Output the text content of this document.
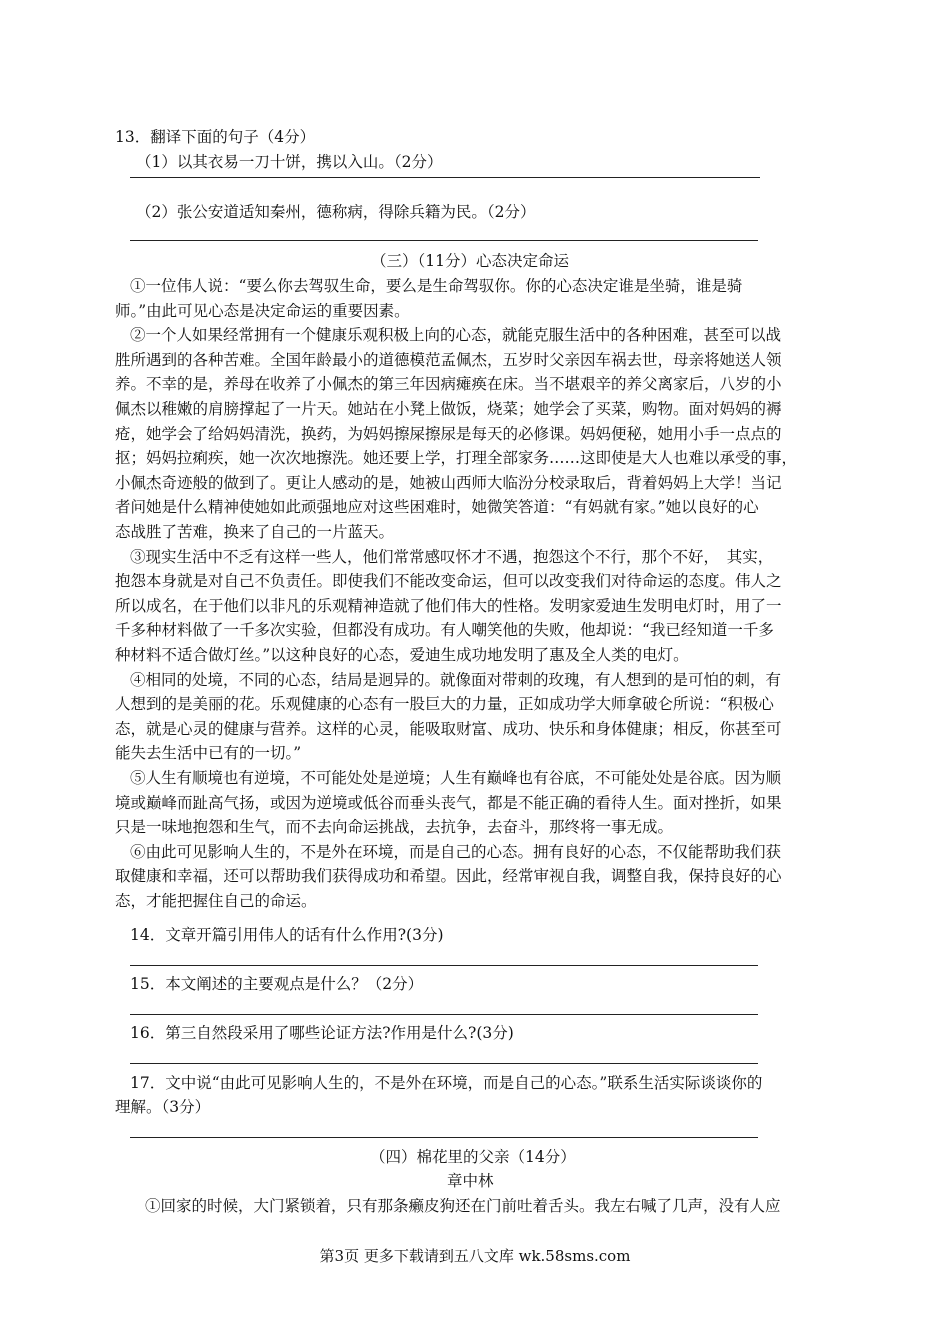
13．翻译下面的句子（4分）
（1）以其衣易一刀十饼，携以入山。（2分）
（2）张公安道适知秦州，德称病，得除兵籍为民。（2分）
（三）（11分）心态决定命运
①一位伟人说：“要么你去驾驭生命，要么是生命驾驭你。你的心态决定谁是坐骑，谁是骑
师。”由此可见心态是决定命运的重要因素。
②一个人如果经常拥有一个健康乐观积极上向的心态，就能克服生活中的各种困难，甚至可以战
胜所遇到的各种苦难。全国年龄最小的道德模范孟佩杰，五岁时父亲因车祸去世，母亲将她送人领
养。不幸的是，养母在收养了小佩杰的第三年因病瘫痪在床。当不堪艰辛的养父离家后，八岁的小
佩杰以稚嫩的肩膀撑起了一片天。她站在小凳上做饭，烧菜；她学会了买菜，购物。面对妈妈的褥
疮，她学会了给妈妈清洗，换药，为妈妈擦屎擦尿是每天的必修课。妈妈便秘，她用小手一点点的
抠；妈妈拉痢疾，她一次次地擦洗。她还要上学，打理全部家务……这即使是大人也难以承受的事，
小佩杰奇迹般的做到了。更让人感动的是，她被山西师大临汾分校录取后，背着妈妈上大学！当记
者问她是什么精神使她如此顽强地应对这些困难时，她微笑答道：“有妈就有家。”她以良好的心
态战胜了苦难，换来了自己的一片蓝天。
③现实生活中不乏有这样一些人，他们常常感叹怀才不遇，抱怨这个不行，那个不好，　其实，
抱怨本身就是对自己不负责任。即使我们不能改变命运，但可以改变我们对待命运的态度。伟人之
所以成名，在于他们以非凡的乐观精神造就了他们伟大的性格。发明家爱迪生发明电灯时，用了一
千多种材料做了一千多次实验，但都没有成功。有人嘲笑他的失败，他却说：“我已经知道一千多
种材料不适合做灯丝。”以这种良好的心态，爱迪生成功地发明了惠及全人类的电灯。
④相同的处境，不同的心态，结局是迥异的。就像面对带刺的玫瑰，有人想到的是可怕的刺，有
人想到的是美丽的花。乐观健康的心态有一股巨大的力量，正如成功学大师拿破仑所说：“积极心
态，就是心灵的健康与营养。这样的心灵，能吸取财富、成功、快乐和身体健康；相反，你甚至可
能失去生活中已有的一切。”
⑤人生有顺境也有逆境，不可能处处是逆境；人生有巅峰也有谷底，不可能处处是谷底。因为顺
境或巅峰而趾高气扬，或因为逆境或低谷而垂头丧气，都是不能正确的看待人生。面对挫折，如果
只是一味地抱怨和生气，而不去向命运挑战，去抗争，去奋斗，那终将一事无成。
⑥由此可见影响人生的，不是外在环境，而是自己的心态。拥有良好的心态，不仅能帮助我们获
取健康和幸福，还可以帮助我们获得成功和希望。因此，经常审视自我，调整自我，保持良好的心
态，才能把握住自己的命运。
14．文章开篇引用伟人的话有什么作用?(3分)
15．本文阐述的主要观点是什么？（2分）
16．第三自然段采用了哪些论证方法?作用是什么?(3分)
17．文中说“由此可见影响人生的，不是外在环境，而是自己的心态。”联系生活实际谈谈你的
理解。（3分）
（四）棉花里的父亲（14分）
章中林
①回家的时候，大门紧锁着，只有那条癞皮狗还在门前吐着舌头。我左右喊了几声，没有人应
第3页 更多下载请到五八文库 wk.58sms.com
